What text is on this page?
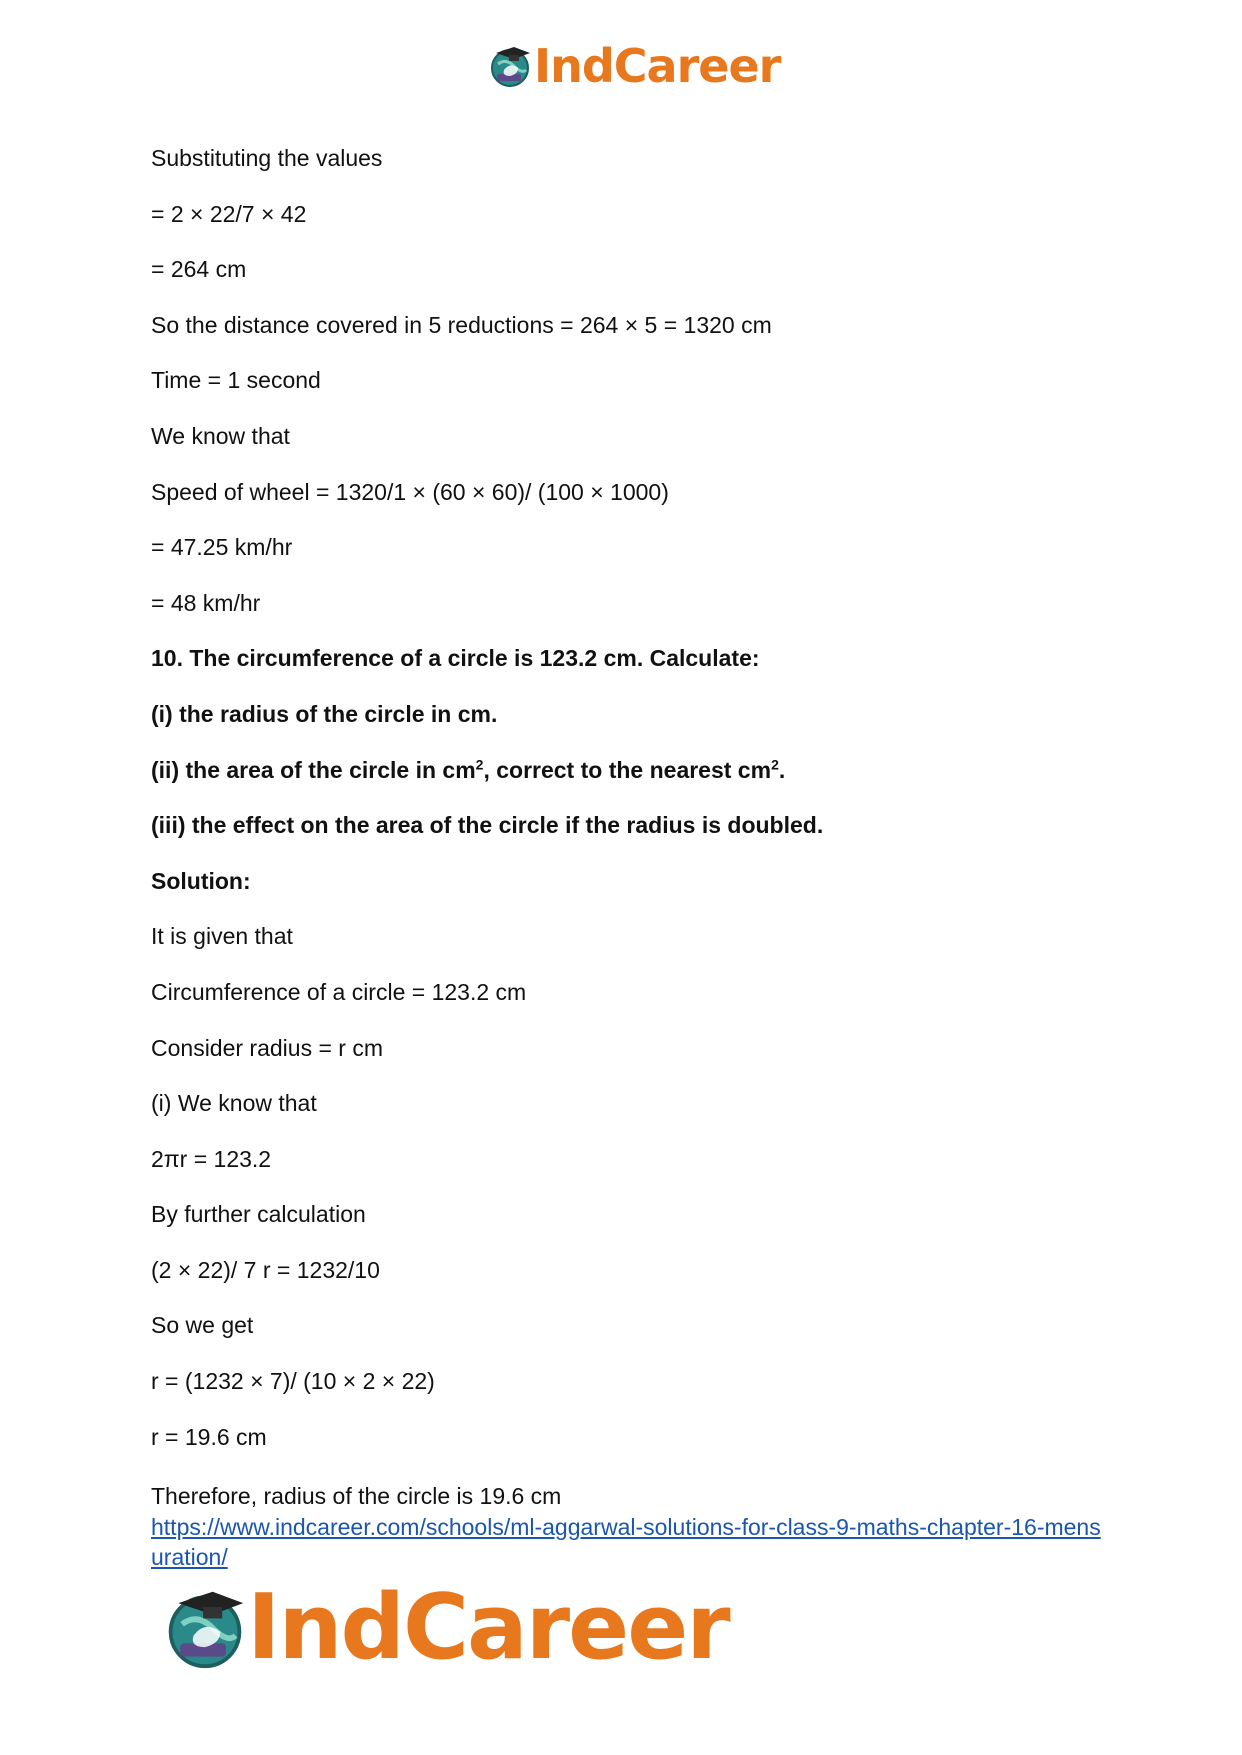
IndCareer
Substituting the values
= 2 × 22/7 × 42
= 264 cm
So the distance covered in 5 reductions = 264 × 5 = 1320 cm
Time = 1 second
We know that
Speed of wheel = 1320/1 × (60 × 60)/ (100 × 1000)
= 47.25 km/hr
= 48 km/hr
10. The circumference of a circle is 123.2 cm. Calculate:
(i) the radius of the circle in cm.
(ii) the area of the circle in $cm^2$, correct to the nearest $cm^2$.
(iii) the effect on the area of the circle if the radius is doubled.
Solution:
It is given that
Circumference of a circle = 123.2 cm
Consider radius = r cm
(i) We know that
2πr = 123.2
By further calculation
(2 × 22)/ 7 r = 1232/10
So we get
r = (1232 × 7)/ (10 × 2 × 22)
r = 19.6 cm
Therefore, radius of the circle is 19.6 cm
https://www.indcareer.com/schools/ml-aggarwal-solutions-for-class-9-maths-chapter-16-mensuration/
IndCareer
